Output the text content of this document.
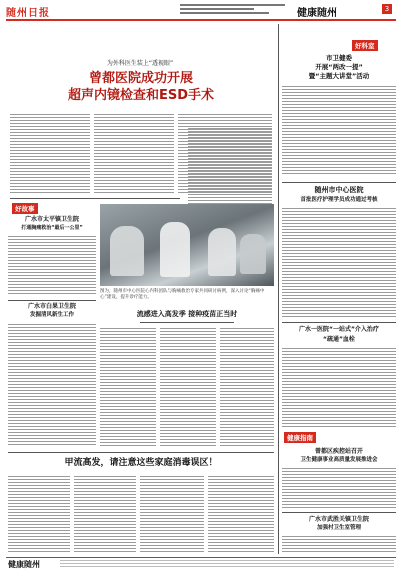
随州日报	健康随州	3
为外科医生装上“透视眼”
曾都医院成功开展
超声内镜检查和ESD手术
好科室
市卫健委
开展“两改一提”
暨“主题大讲堂”活动
随州市中心医院
首批医疗护理学员成功通过考核
广水一医院“一站式”介入治疗
“疏通”血栓
健康指南
曾都区疾控站召开
卫生健康事业高质量发展推进会
广水市武胜关镇卫生院
加强村卫生室管理
好故事
广水市太平镇卫生院
打通胸痛救治“最后一公里”
广水市白果卫生院
发掘清风新生工作
图为，随州市中心医院心内科团队与胸痛救治专家共同研讨病例，深入讨论“胸痛中心”建设，提升诊疗能力。
流感进入高发季 接种疫苗正当时
甲流高发，请注意这些家庭消毒误区！
健康随州
